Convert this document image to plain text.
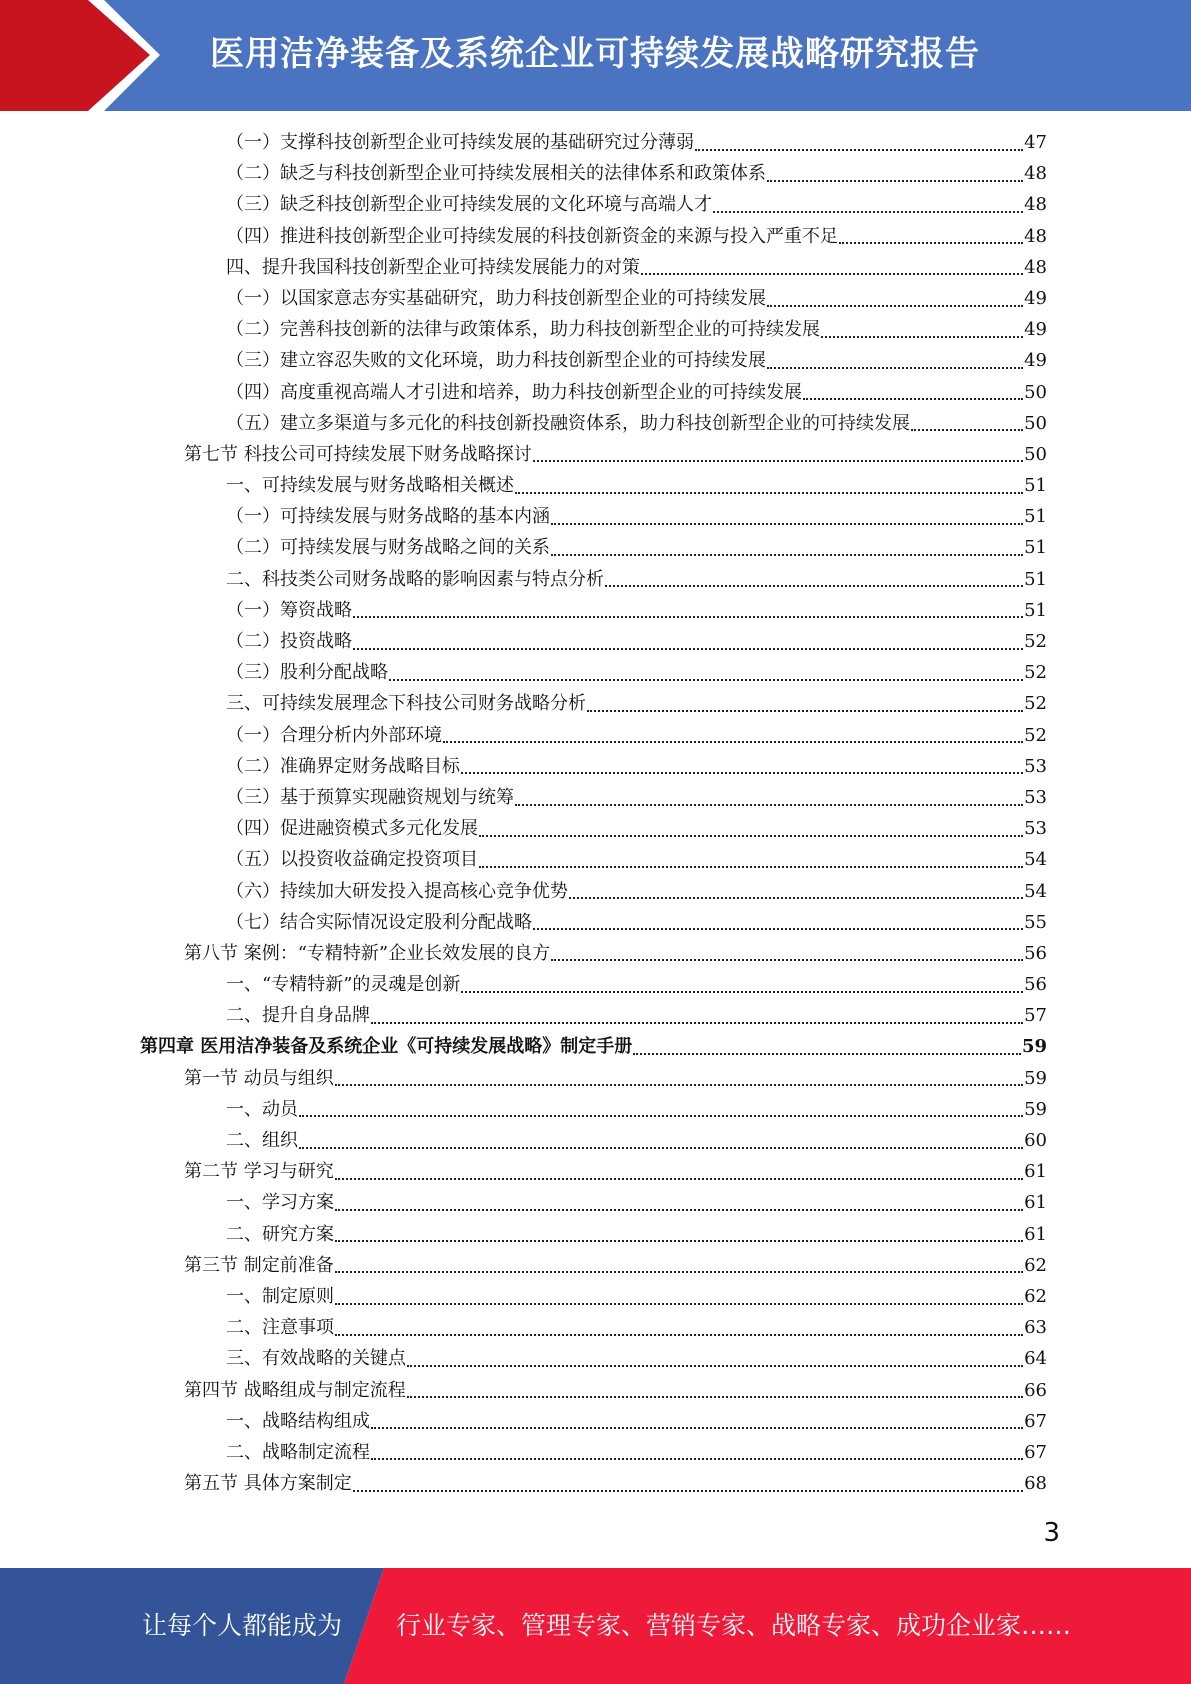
医用洁净装备及系统企业可持续发展战略研究报告
（一）支撑科技创新型企业可持续发展的基础研究过分薄弱	47
（二）缺乏与科技创新型企业可持续发展相关的法律体系和政策体系	48
（三）缺乏科技创新型企业可持续发展的文化环境与高端人才	48
（四）推进科技创新型企业可持续发展的科技创新资金的来源与投入严重不足	48
四、提升我国科技创新型企业可持续发展能力的对策	48
（一）以国家意志夯实基础研究，助力科技创新型企业的可持续发展	49
（二）完善科技创新的法律与政策体系，助力科技创新型企业的可持续发展	49
（三）建立容忍失败的文化环境，助力科技创新型企业的可持续发展	49
（四）高度重视高端人才引进和培养，助力科技创新型企业的可持续发展	50
（五）建立多渠道与多元化的科技创新投融资体系，助力科技创新型企业的可持续发展	50
第七节 科技公司可持续发展下财务战略探讨	50
一、可持续发展与财务战略相关概述	51
（一）可持续发展与财务战略的基本内涵	51
（二）可持续发展与财务战略之间的关系	51
二、科技类公司财务战略的影响因素与特点分析	51
（一）筹资战略	51
（二）投资战略	52
（三）股利分配战略	52
三、可持续发展理念下科技公司财务战略分析	52
（一）合理分析内外部环境	52
（二）准确界定财务战略目标	53
（三）基于预算实现融资规划与统筹	53
（四）促进融资模式多元化发展	53
（五）以投资收益确定投资项目	54
（六）持续加大研发投入提高核心竞争优势	54
（七）结合实际情况设定股利分配战略	55
第八节 案例：“专精特新”企业长效发展的良方	56
一、“专精特新”的灵魂是创新	56
二、提升自身品牌	57
第四章 医用洁净装备及系统企业《可持续发展战略》制定手册	59
第一节 动员与组织	59
一、动员	59
二、组织	60
第二节 学习与研究	61
一、学习方案	61
二、研究方案	61
第三节 制定前准备	62
一、制定原则	62
二、注意事项	63
三、有效战略的关键点	64
第四节 战略组成与制定流程	66
一、战略结构组成	67
二、战略制定流程	67
第五节 具体方案制定	68
3
让每个人都能成为 行业专家、管理专家、营销专家、战略专家、成功企业家……
